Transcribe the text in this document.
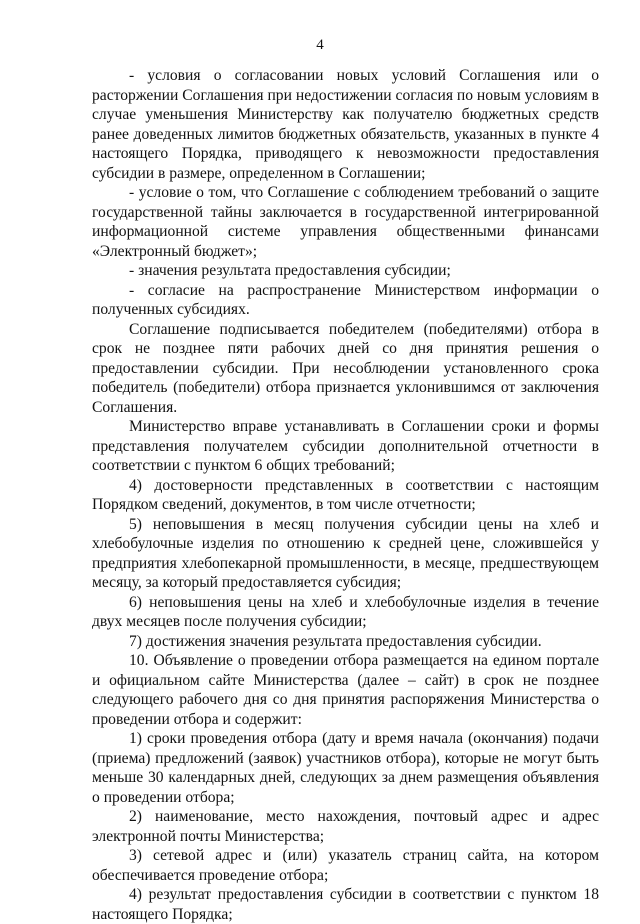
4

- условия о согласовании новых условий Соглашения или о расторжении Соглашения при недостижении согласия по новым условиям в случае уменьшения Министерству как получателю бюджетных средств ранее доведенных лимитов бюджетных обязательств, указанных в пункте 4 настоящего Порядка, приводящего к невозможности предоставления субсидии в размере, определенном в Соглашении;

- условие о том, что Соглашение с соблюдением требований о защите государственной тайны заключается в государственной интегрированной информационной системе управления общественными финансами «Электронный бюджет»;

- значения результата предоставления субсидии;

- согласие на распространение Министерством информации о полученных субсидиях.

Соглашение подписывается победителем (победителями) отбора в срок не позднее пяти рабочих дней со дня принятия решения о предоставлении субсидии. При несоблюдении установленного срока победитель (победители) отбора признается уклонившимся от заключения Соглашения.

Министерство вправе устанавливать в Соглашении сроки и формы представления получателем субсидии дополнительной отчетности в соответствии с пунктом 6 общих требований;

4) достоверности представленных в соответствии с настоящим Порядком сведений, документов, в том числе отчетности;

5) неповышения в месяц получения субсидии цены на хлеб и хлебобулочные изделия по отношению к средней цене, сложившейся у предприятия хлебопекарной промышленности, в месяце, предшествующем месяцу, за который предоставляется субсидия;

6) неповышения цены на хлеб и хлебобулочные изделия в течение двух месяцев после получения субсидии;

7) достижения значения результата предоставления субсидии.

10. Объявление о проведении отбора размещается на едином портале и официальном сайте Министерства (далее – сайт) в срок не позднее следующего рабочего дня со дня принятия распоряжения Министерства о проведении отбора и содержит:

1) сроки проведения отбора (дату и время начала (окончания) подачи (приема) предложений (заявок) участников отбора), которые не могут быть меньше 30 календарных дней, следующих за днем размещения объявления о проведении отбора;

2) наименование, место нахождения, почтовый адрес и адрес электронной почты Министерства;

3) сетевой адрес и (или) указатель страниц сайта, на котором обеспечивается проведение отбора;

4) результат предоставления субсидии в соответствии с пунктом 18 настоящего Порядка;
